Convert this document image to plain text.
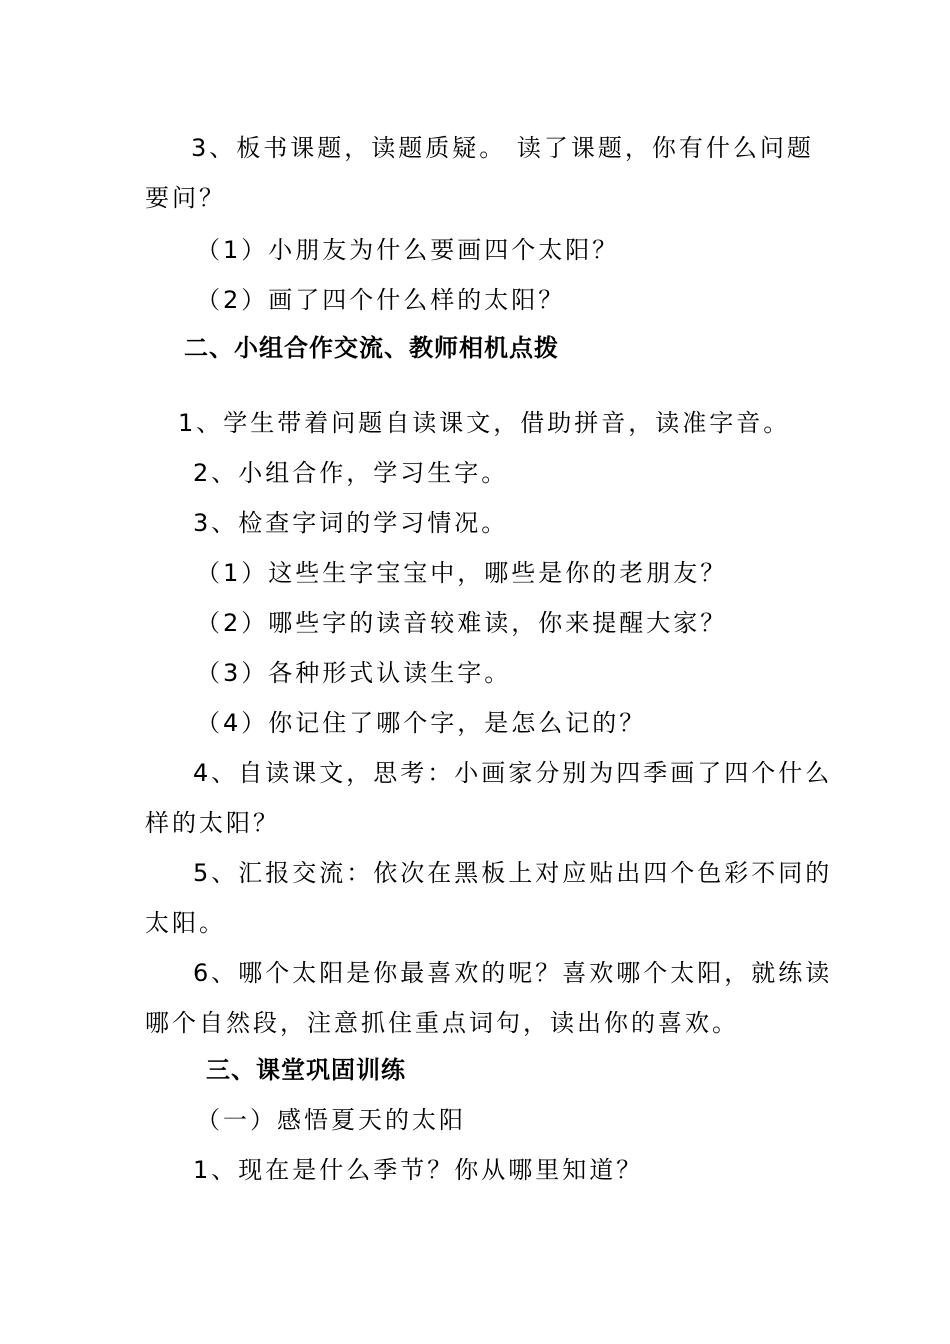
3、板书课题，读题质疑。 读了课题，你有什么问题
要问？
（1）小朋友为什么要画四个太阳？
（2）画了四个什么样的太阳？
二、小组合作交流、教师相机点拨
1、学生带着问题自读课文，借助拼音，读准字音。
2、小组合作，学习生字。
3、检查字词的学习情况。
（1）这些生字宝宝中，哪些是你的老朋友？
（2）哪些字的读音较难读，你来提醒大家？
（3）各种形式认读生字。
（4）你记住了哪个字，是怎么记的？
4、自读课文，思考：小画家分别为四季画了四个什么
样的太阳？
5、汇报交流：依次在黑板上对应贴出四个色彩不同的
太阳。
6、哪个太阳是你最喜欢的呢？喜欢哪个太阳，就练读
哪个自然段，注意抓住重点词句，读出你的喜欢。
三、课堂巩固训练
（一）感悟夏天的太阳
1、现在是什么季节？你从哪里知道？
